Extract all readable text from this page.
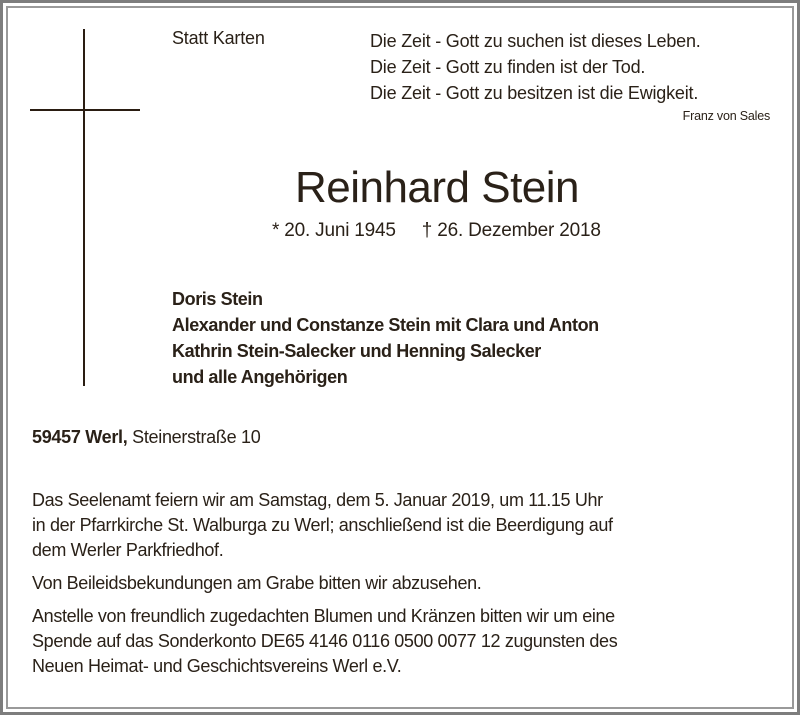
Statt Karten	Die Zeit - Gott zu suchen ist dieses Leben.
Die Zeit - Gott zu finden ist der Tod.
Die Zeit - Gott zu besitzen ist die Ewigkeit.
Franz von Sales
Reinhard Stein
* 20. Juni 1945 † 26. Dezember 2018
Doris Stein
Alexander und Constanze Stein mit Clara und Anton
Kathrin Stein-Salecker und Henning Salecker
und alle Angehörigen
59457 Werl, Steinerstraße 10

Das Seelenamt feiern wir am Samstag, dem 5. Januar 2019, um 11.15 Uhr
in der Pfarrkirche St. Walburga zu Werl; anschließend ist die Beerdigung auf
dem Werler Parkfriedhof.

Von Beileidsbekundungen am Grabe bitten wir abzusehen.

Anstelle von freundlich zugedachten Blumen und Kränzen bitten wir um eine
Spende auf das Sonderkonto DE65 4146 0116 0500 0077 12 zugunsten des
Neuen Heimat- und Geschichtsvereins Werl e.V.
